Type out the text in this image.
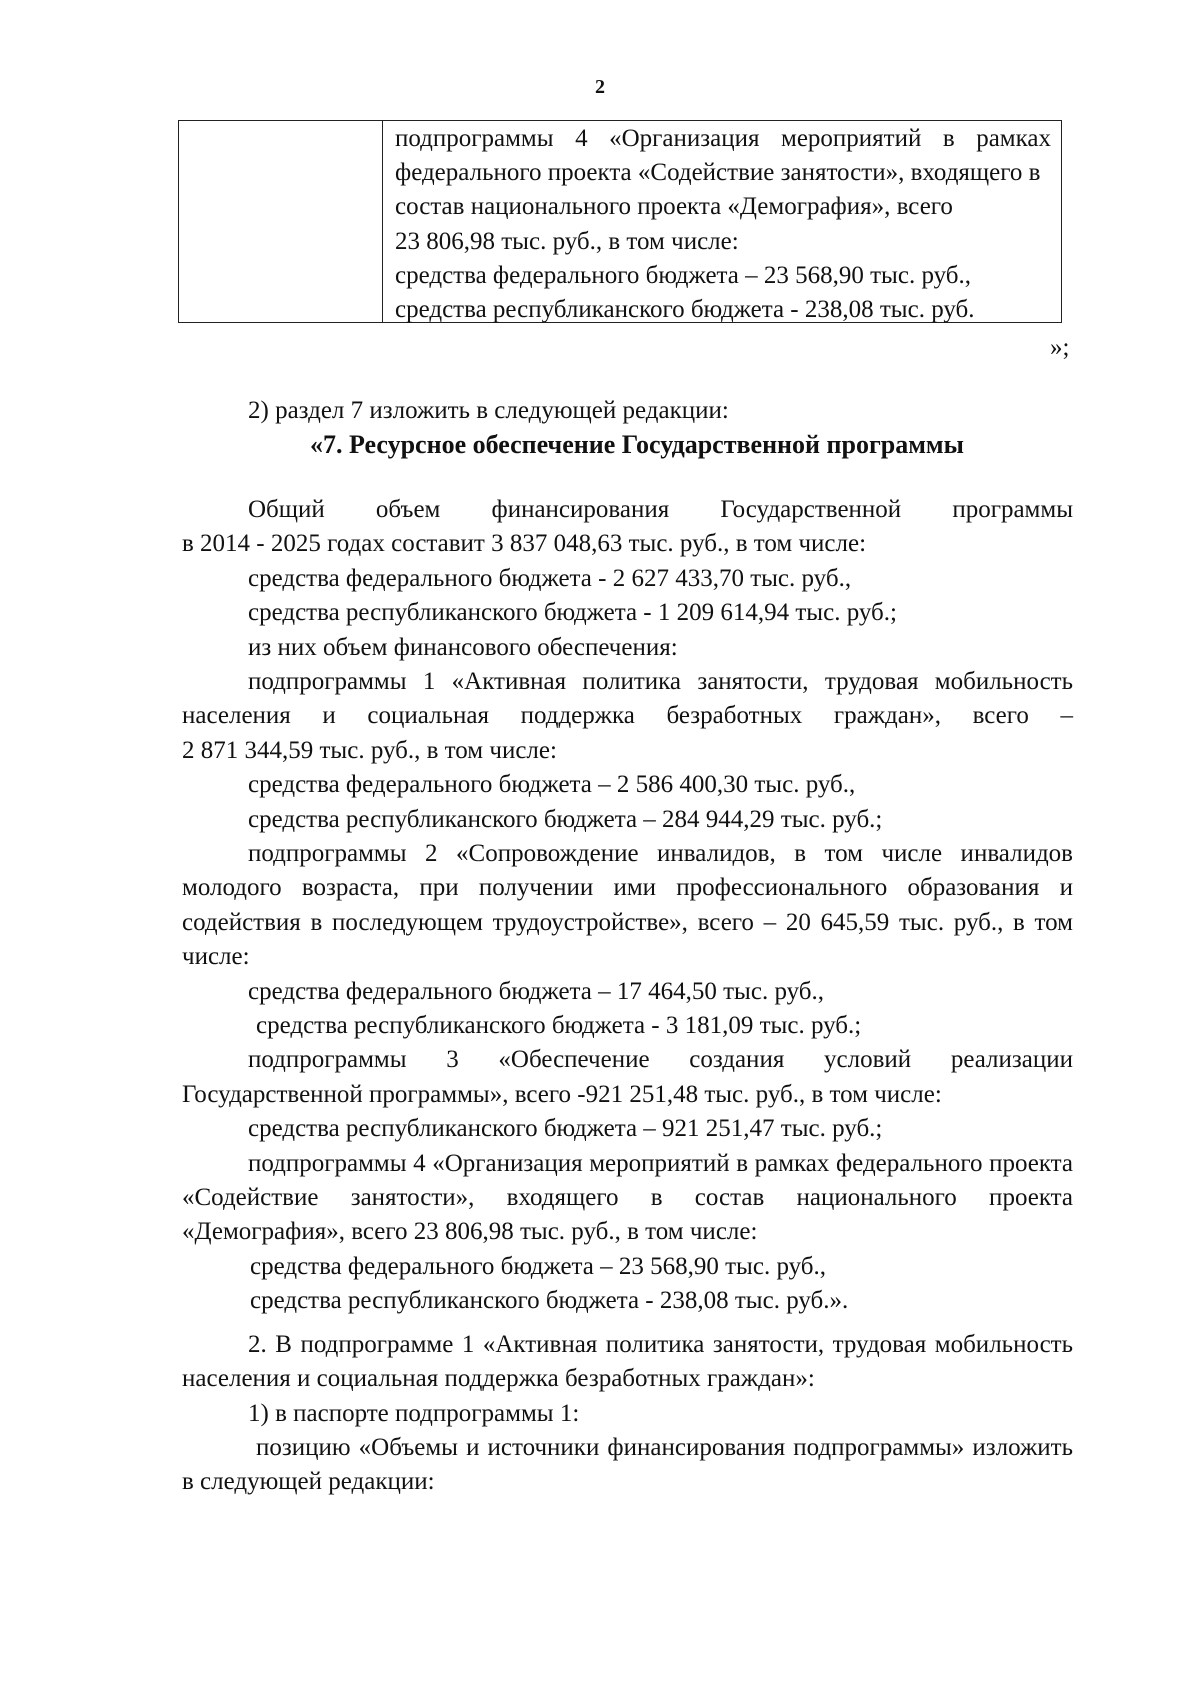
2
подпрограммы 4 «Организация мероприятий в рамках
федерального проекта «Содействие занятости», входящего в
состав национального проекта «Демография», всего
23 806,98 тыс. руб., в том числе:
средства федерального бюджета – 23 568,90 тыс. руб.,
средства республиканского бюджета - 238,08 тыс. руб.
»;
2) раздел 7 изложить в следующей редакции:
«7. Ресурсное обеспечение Государственной программы
Общий объем финансирования Государственной программы
в 2014 - 2025 годах составит 3 837 048,63 тыс. руб., в том числе:
средства федерального бюджета - 2 627 433,70 тыс. руб.,
средства республиканского бюджета - 1 209 614,94 тыс. руб.;
из них объем финансового обеспечения:
подпрограммы 1 «Активная политика занятости, трудовая мобильность
населения и социальная поддержка безработных граждан», всего –
2 871 344,59 тыс. руб., в том числе:
средства федерального бюджета – 2 586 400,30 тыс. руб.,
средства республиканского бюджета – 284 944,29 тыс. руб.;
подпрограммы 2 «Сопровождение инвалидов, в том числе инвалидов
молодого возраста, при получении ими профессионального образования и
содействия в последующем трудоустройстве», всего – 20 645,59 тыс. руб., в том
числе:
средства федерального бюджета – 17 464,50 тыс. руб.,
средства республиканского бюджета - 3 181,09 тыс. руб.;
подпрограммы 3 «Обеспечение создания условий реализации
Государственной программы», всего -921 251,48 тыс. руб., в том числе:
средства республиканского бюджета – 921 251,47 тыс. руб.;
подпрограммы 4 «Организация мероприятий в рамках федерального проекта
«Содействие занятости», входящего в состав национального проекта
«Демография», всего 23 806,98 тыс. руб., в том числе:
средства федерального бюджета – 23 568,90 тыс. руб.,
средства республиканского бюджета - 238,08 тыс. руб.».
2. В подпрограмме 1 «Активная политика занятости, трудовая мобильность
населения и социальная поддержка безработных граждан»:
1) в паспорте подпрограммы 1:
позицию «Объемы и источники финансирования подпрограммы» изложить
в следующей редакции:
